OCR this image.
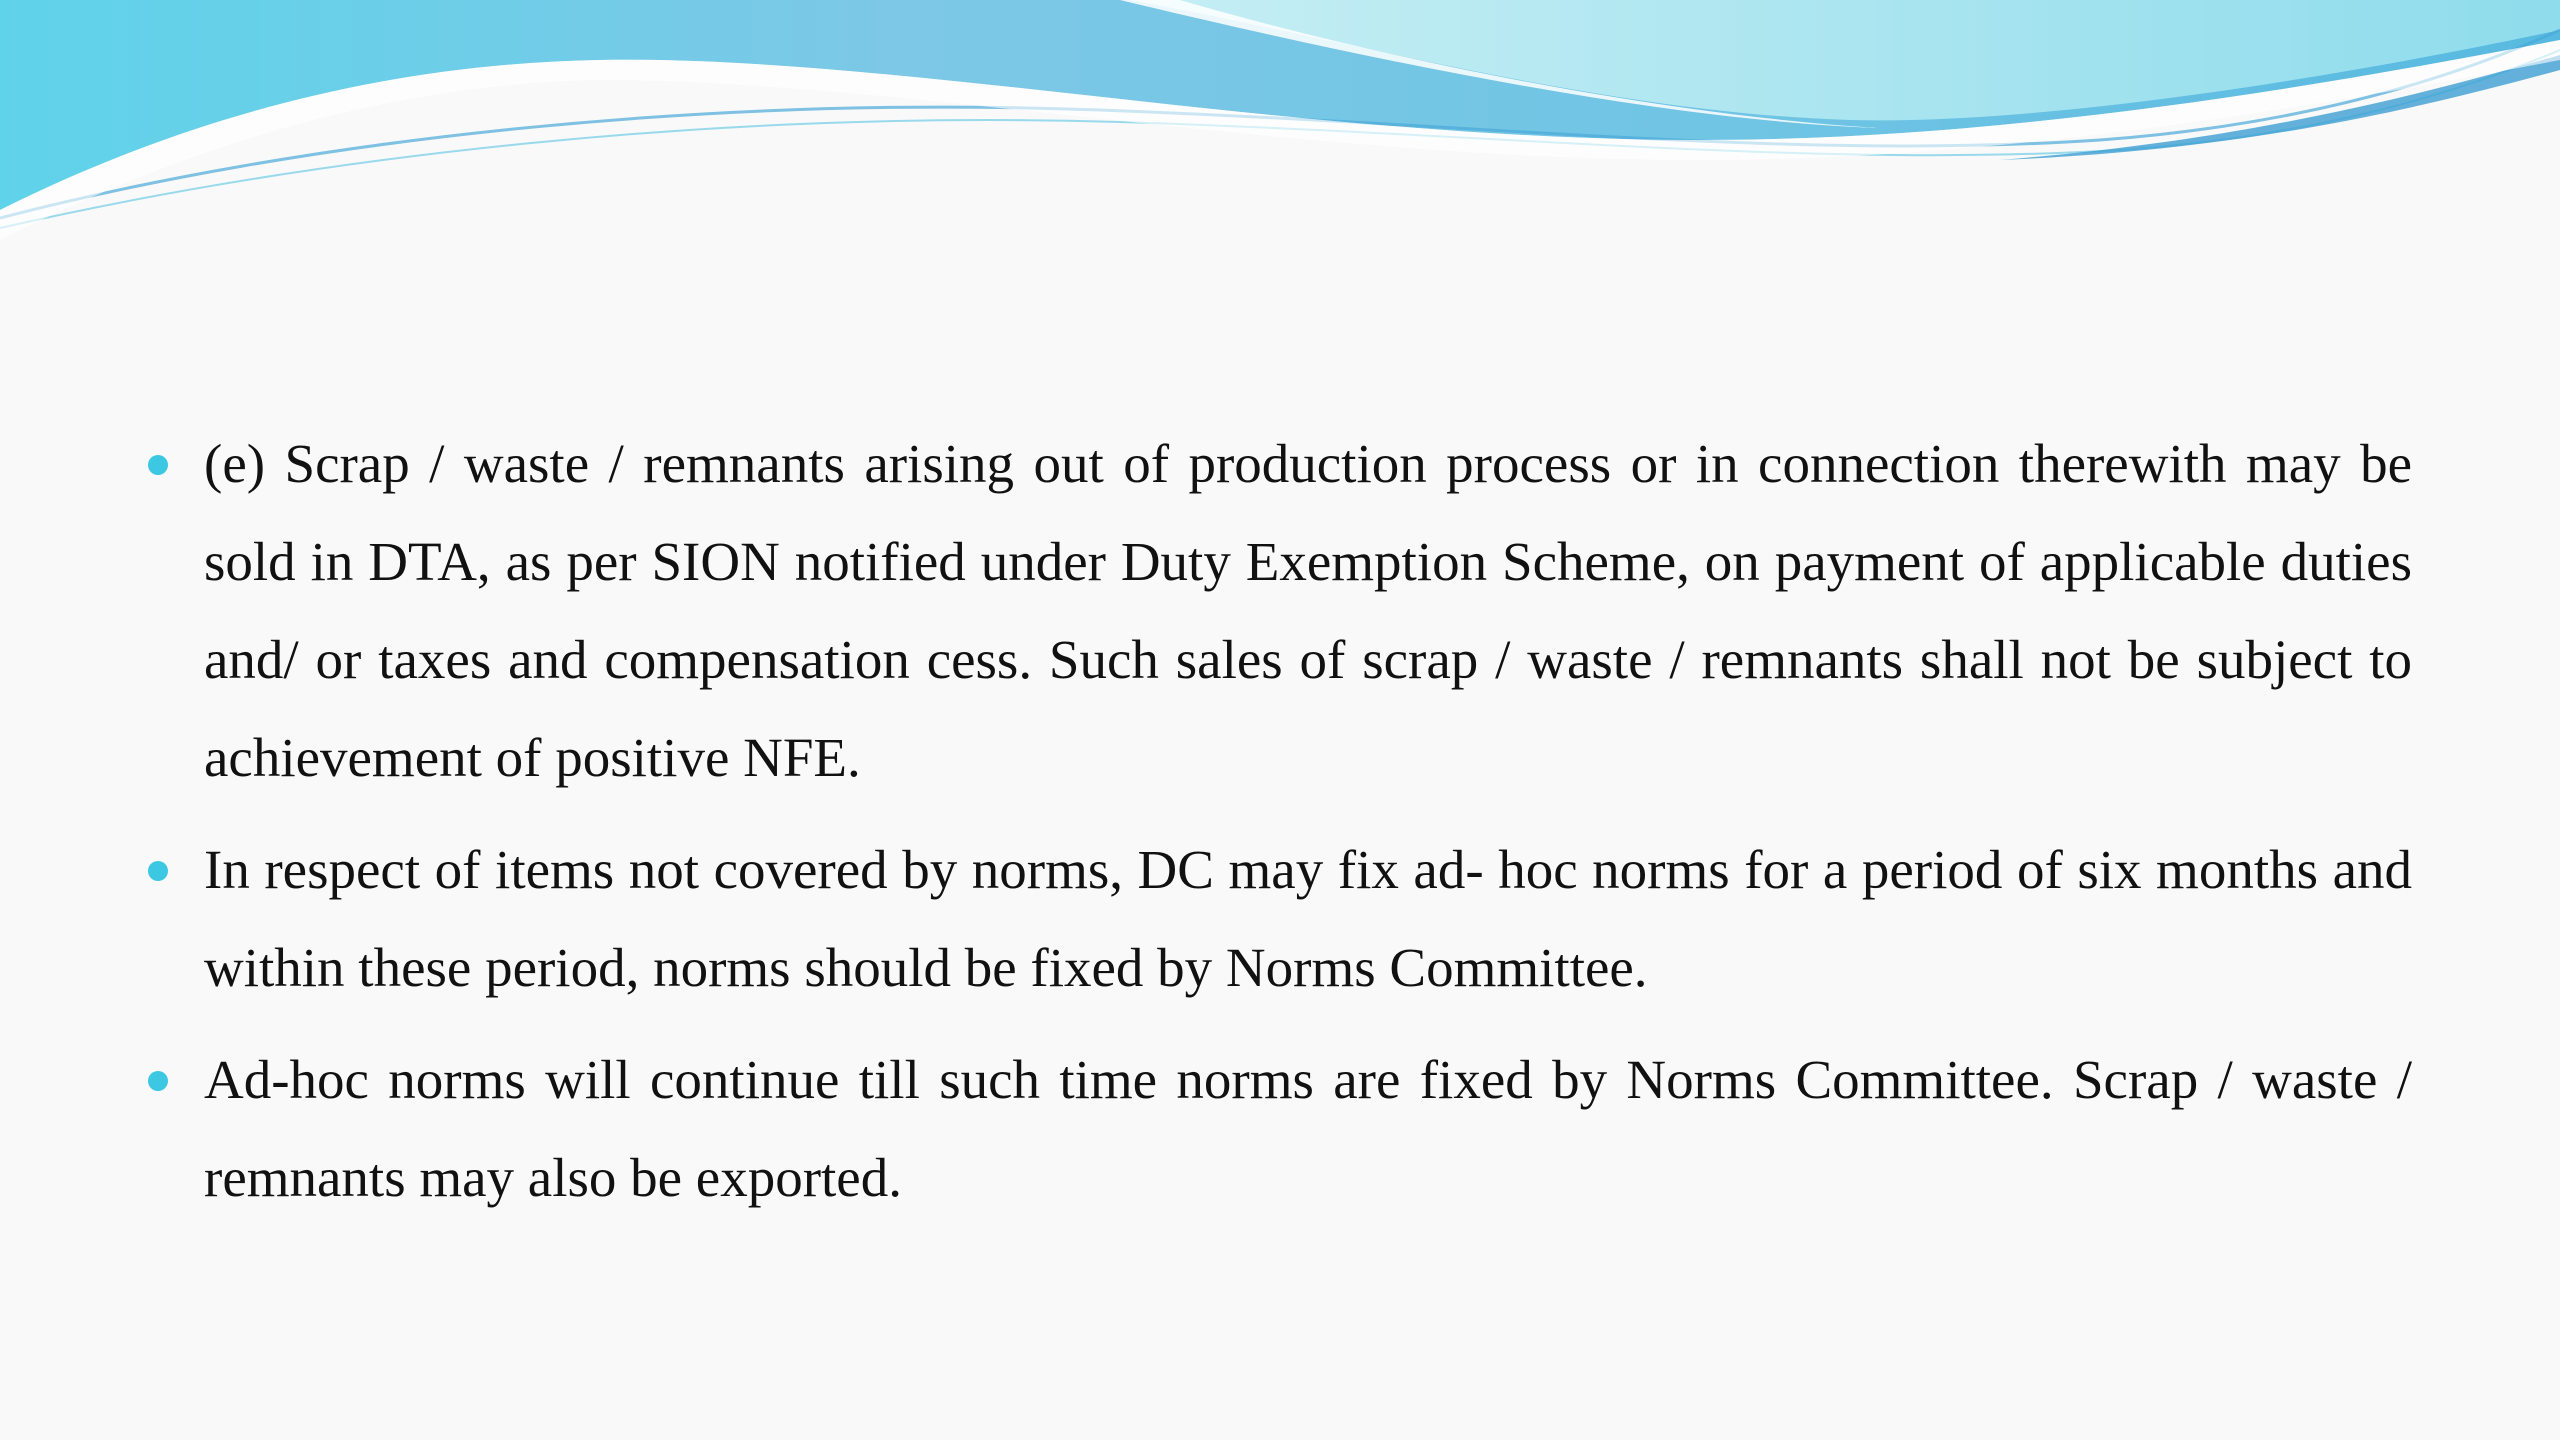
(e) Scrap / waste / remnants arising out of production process or in connection therewith may be sold in DTA, as per SION notified under Duty Exemption Scheme, on payment of applicable duties and/ or taxes and compensation cess. Such sales of scrap / waste / remnants shall not be subject to achievement of positive NFE.
In respect of items not covered by norms, DC may fix ad- hoc norms for a period of six months and within these period, norms should be fixed by Norms Committee.
Ad-hoc norms will continue till such time norms are fixed by Norms Committee. Scrap / waste / remnants may also be exported.
